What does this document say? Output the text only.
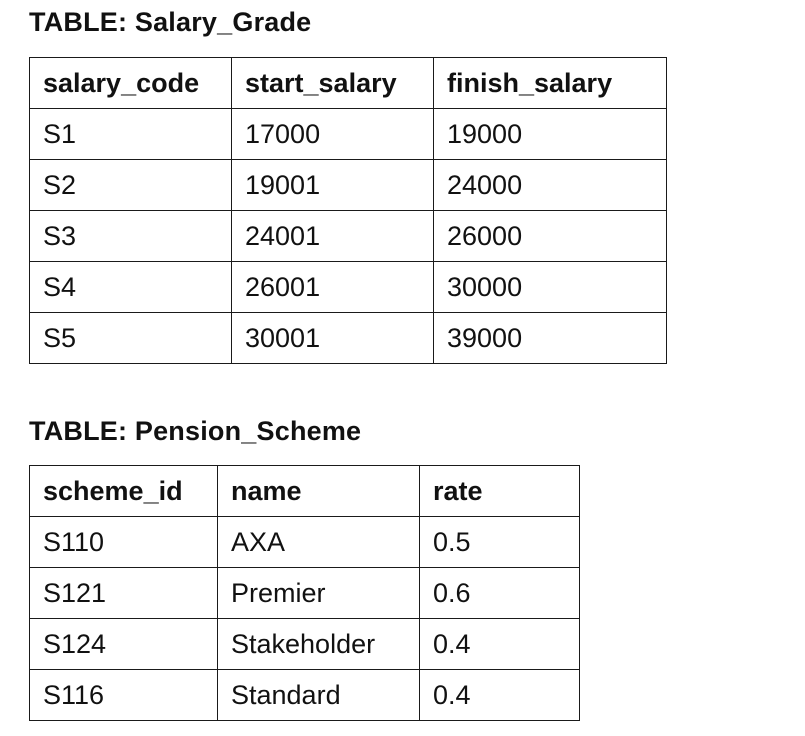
TABLE: Salary_Grade
salary_code	start_salary	finish_salary
S1	17000	19000
S2	19001	24000
S3	24001	26000
S4	26001	30000
S5	30001	39000
TABLE: Pension_Scheme
scheme_id	name	rate
S110	AXA	0.5
S121	Premier	0.6
S124	Stakeholder	0.4
S116	Standard	0.4
